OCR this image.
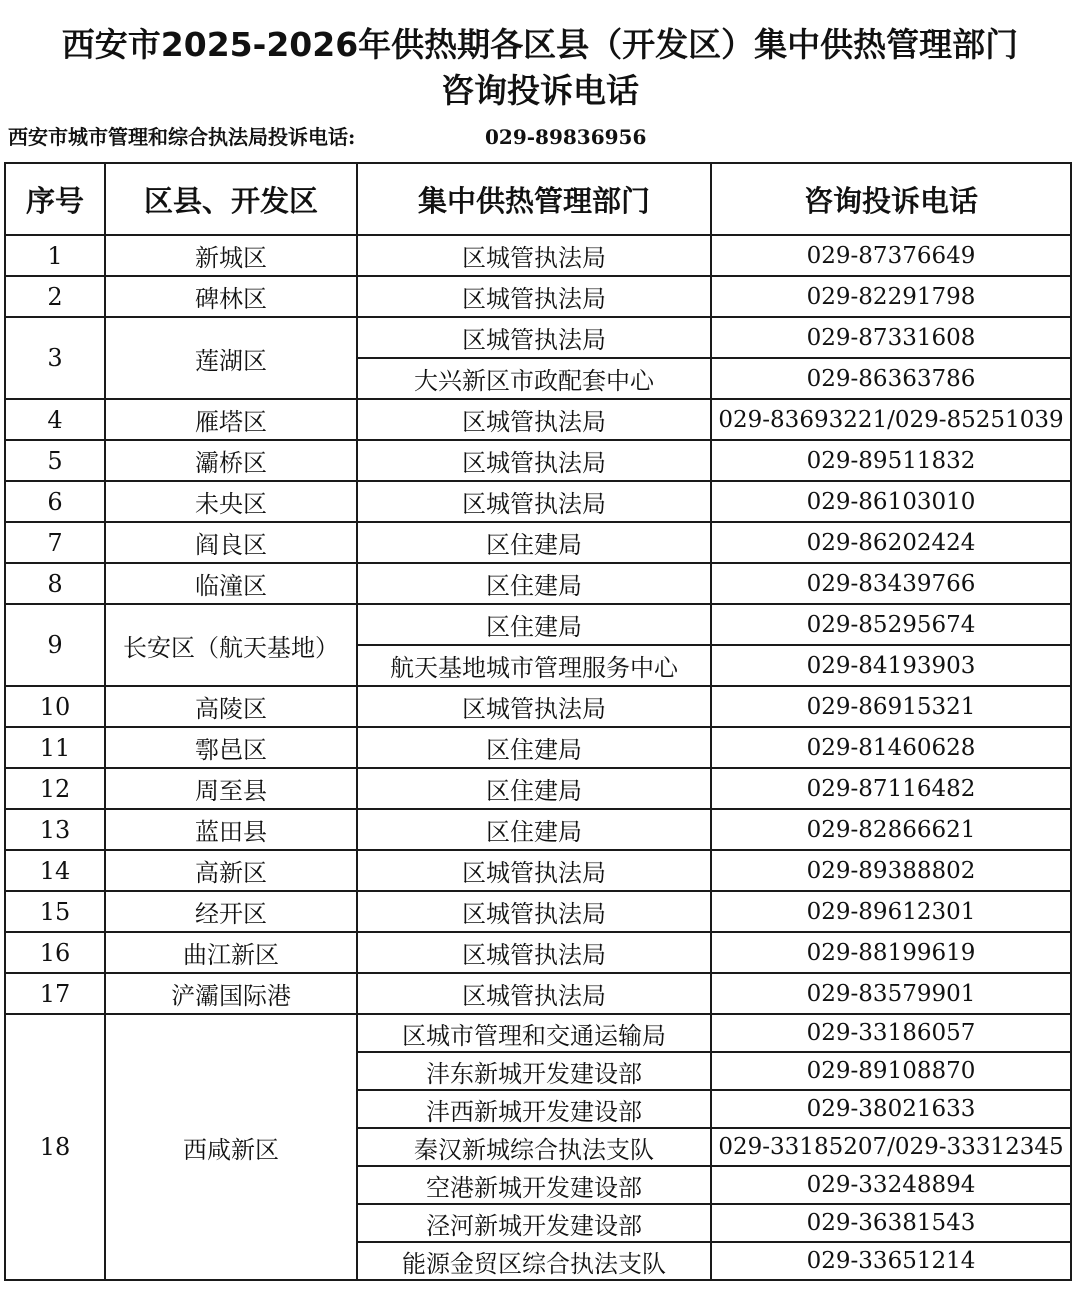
西安市2025-2026年供热期各区县（开发区）集中供热管理部门
咨询投诉电话
西安市城市管理和综合执法局投诉电话:	029-89836956
序号	区县、开发区	集中供热管理部门	咨询投诉电话
1	新城区	区城管执法局	029-87376649
2	碑林区	区城管执法局	029-82291798
3	莲湖区	区城管执法局	029-87331608
		大兴新区市政配套中心	029-86363786
4	雁塔区	区城管执法局	029-83693221/029-85251039
5	灞桥区	区城管执法局	029-89511832
6	未央区	区城管执法局	029-86103010
7	阎良区	区住建局	029-86202424
8	临潼区	区住建局	029-83439766
9	长安区（航天基地）	区住建局	029-85295674
		航天基地城市管理服务中心	029-84193903
10	高陵区	区城管执法局	029-86915321
11	鄠邑区	区住建局	029-81460628
12	周至县	区住建局	029-87116482
13	蓝田县	区住建局	029-82866621
14	高新区	区城管执法局	029-89388802
15	经开区	区城管执法局	029-89612301
16	曲江新区	区城管执法局	029-88199619
17	浐灞国际港	区城管执法局	029-83579901
18	西咸新区	区城市管理和交通运输局	029-33186057
		沣东新城开发建设部	029-89108870
		沣西新城开发建设部	029-38021633
		秦汉新城综合执法支队	029-33185207/029-33312345
		空港新城开发建设部	029-33248894
		泾河新城开发建设部	029-36381543
		能源金贸区综合执法支队	029-33651214
